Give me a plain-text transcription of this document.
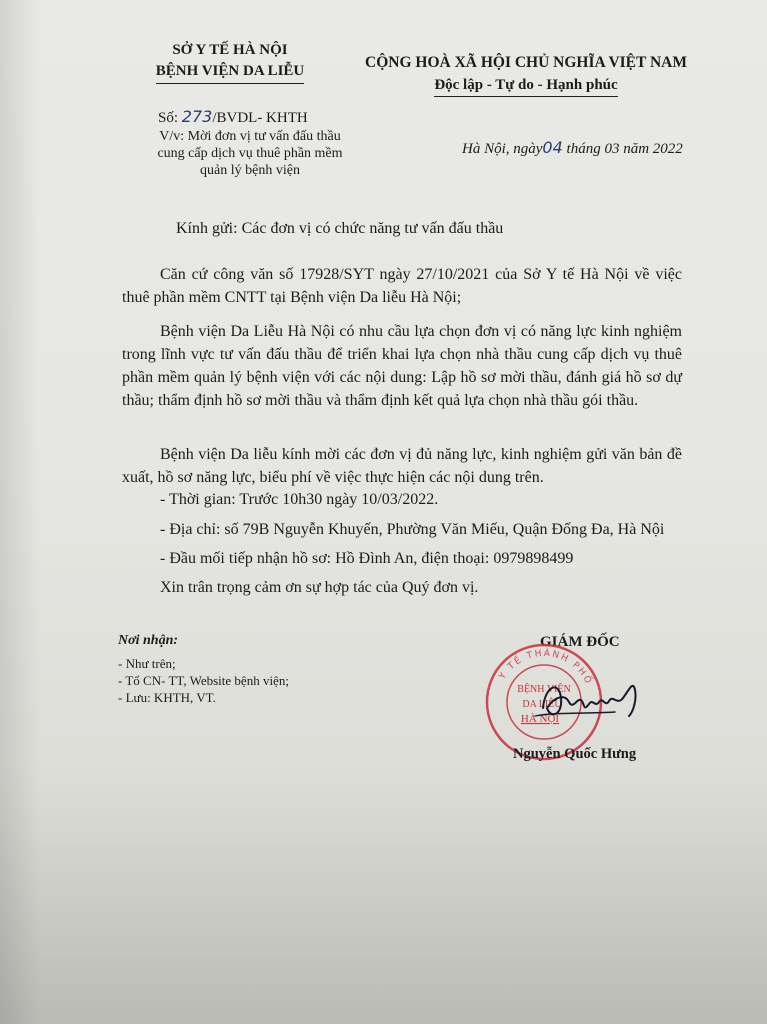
SỞ Y TẾ HÀ NỘI
BỆNH VIỆN DA LIỄU	CỘNG HOÀ XÃ HỘI CHỦ NGHĨA VIỆT NAM
Độc lập - Tự do - Hạnh phúc
Số: 273/BVDL- KHTH
V/v: Mời đơn vị tư vấn đấu thầu
cung cấp dịch vụ thuê phần mềm
quản lý bệnh viện
Hà Nội, ngày04 tháng 03 năm 2022
Kính gửi: Các đơn vị có chức năng tư vấn đấu thầu
Căn cứ công văn số 17928/SYT ngày 27/10/2021 của Sở Y tế Hà Nội về việc thuê phần mềm CNTT tại Bệnh viện Da liễu Hà Nội;
Bệnh viện Da Liễu Hà Nội có nhu cầu lựa chọn đơn vị có năng lực kinh nghiệm trong lĩnh vực tư vấn đấu thầu để triển khai lựa chọn nhà thầu cung cấp dịch vụ thuê phần mềm quản lý bệnh viện với các nội dung: Lập hồ sơ mời thầu, đánh giá hồ sơ dự thầu; thẩm định hồ sơ mời thầu và thẩm định kết quả lựa chọn nhà thầu gói thầu.
Bệnh viện Da liễu kính mời các đơn vị đủ năng lực, kinh nghiệm gửi văn bản đề xuất, hồ sơ năng lực, biểu phí về việc thực hiện các nội dung trên.
- Thời gian: Trước 10h30 ngày 10/03/2022.
- Địa chỉ: số 79B Nguyễn Khuyến, Phường Văn Miếu, Quận Đống Đa, Hà Nội
- Đầu mối tiếp nhận hồ sơ: Hồ Đình An, điện thoại: 0979898499
Xin trân trọng cảm ơn sự hợp tác của Quý đơn vị.
Nơi nhận:
- Như trên;
- Tổ CN- TT, Website bệnh viện;
- Lưu: KHTH, VT.
GIÁM ĐỐC
Y TẾ THÀNH PHỐ
BỆNH VIỆN
DA LIỄU
HÀ NỘI
Nguyễn Quốc Hưng
